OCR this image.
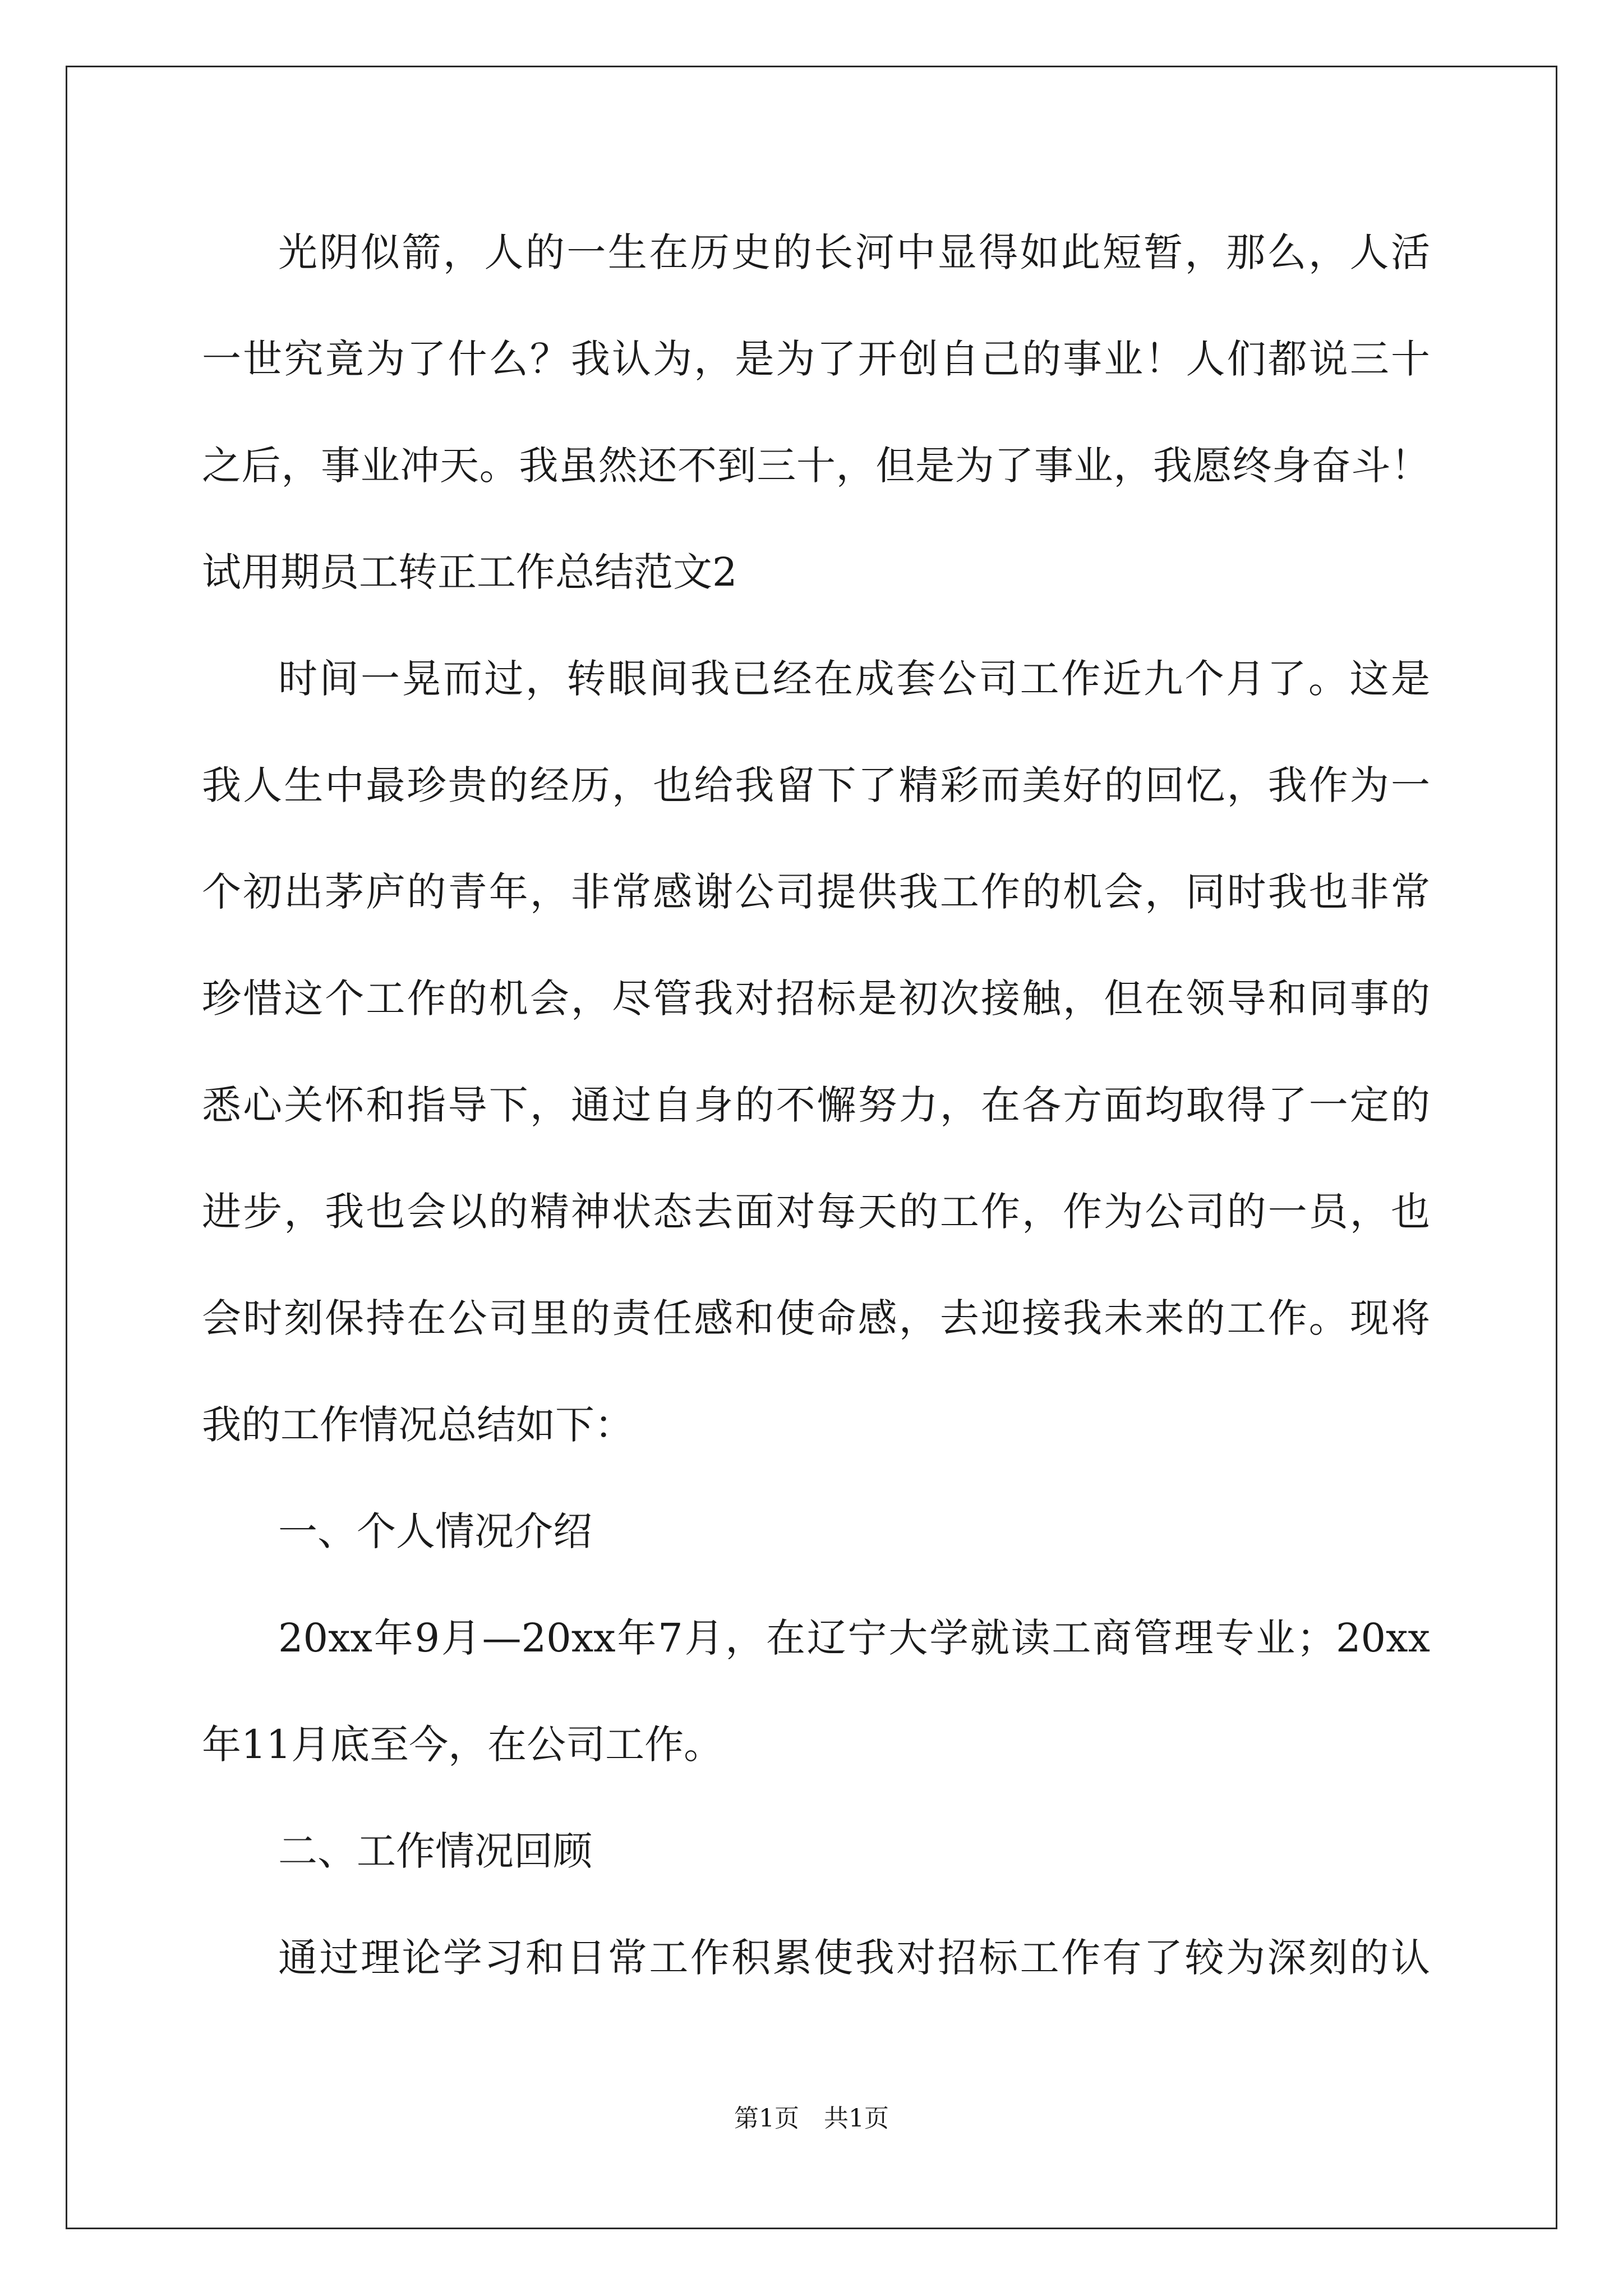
光阴似箭，人的一生在历史的长河中显得如此短暂，那么，人活
一世究竟为了什么？我认为，是为了开创自己的事业！人们都说三十
之后，事业冲天。我虽然还不到三十，但是为了事业，我愿终身奋斗！
试用期员工转正工作总结范文2
时间一晃而过，转眼间我已经在成套公司工作近九个月了。这是
我人生中最珍贵的经历，也给我留下了精彩而美好的回忆，我作为一
个初出茅庐的青年，非常感谢公司提供我工作的机会，同时我也非常
珍惜这个工作的机会，尽管我对招标是初次接触，但在领导和同事的
悉心关怀和指导下，通过自身的不懈努力，在各方面均取得了一定的
进步，我也会以的精神状态去面对每天的工作，作为公司的一员，也
会时刻保持在公司里的责任感和使命感，去迎接我未来的工作。现将
我的工作情况总结如下：
一、个人情况介绍
20xx年9月—20xx年7月，在辽宁大学就读工商管理专业；20xx
年11月底至今，在公司工作。
二、工作情况回顾
通过理论学习和日常工作积累使我对招标工作有了较为深刻的认
第1页　共1页
